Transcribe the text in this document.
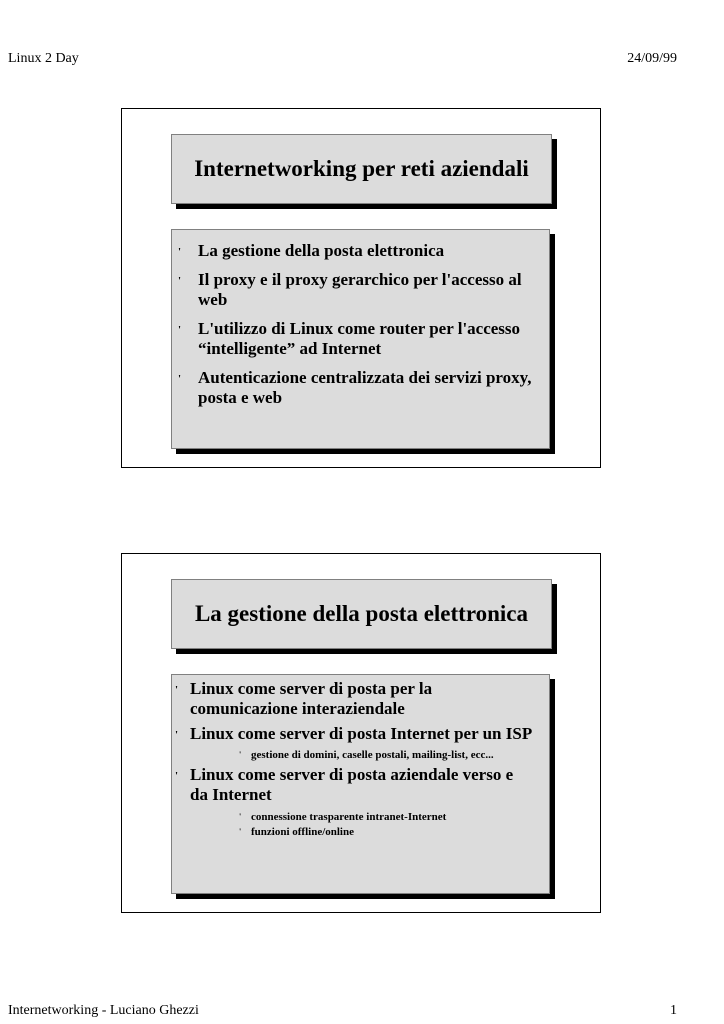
Linux 2 Day	24/09/99

Internetworking per reti aziendali
' La gestione della posta elettronica
' Il proxy e il proxy gerarchico per l'accesso al web
' L'utilizzo di Linux come router per l'accesso “intelligente” ad Internet
' Autenticazione centralizzata dei servizi proxy, posta e web
La gestione della posta elettronica
' Linux come server di posta per la comunicazione interaziendale
' Linux come server di posta Internet per un ISP
' gestione di domini, caselle postali, mailing-list, ecc...
' Linux come server di posta aziendale verso e da Internet
' connessione trasparente intranet-Internet
' funzioni offline/online

Internetworking - Luciano Ghezzi	1
